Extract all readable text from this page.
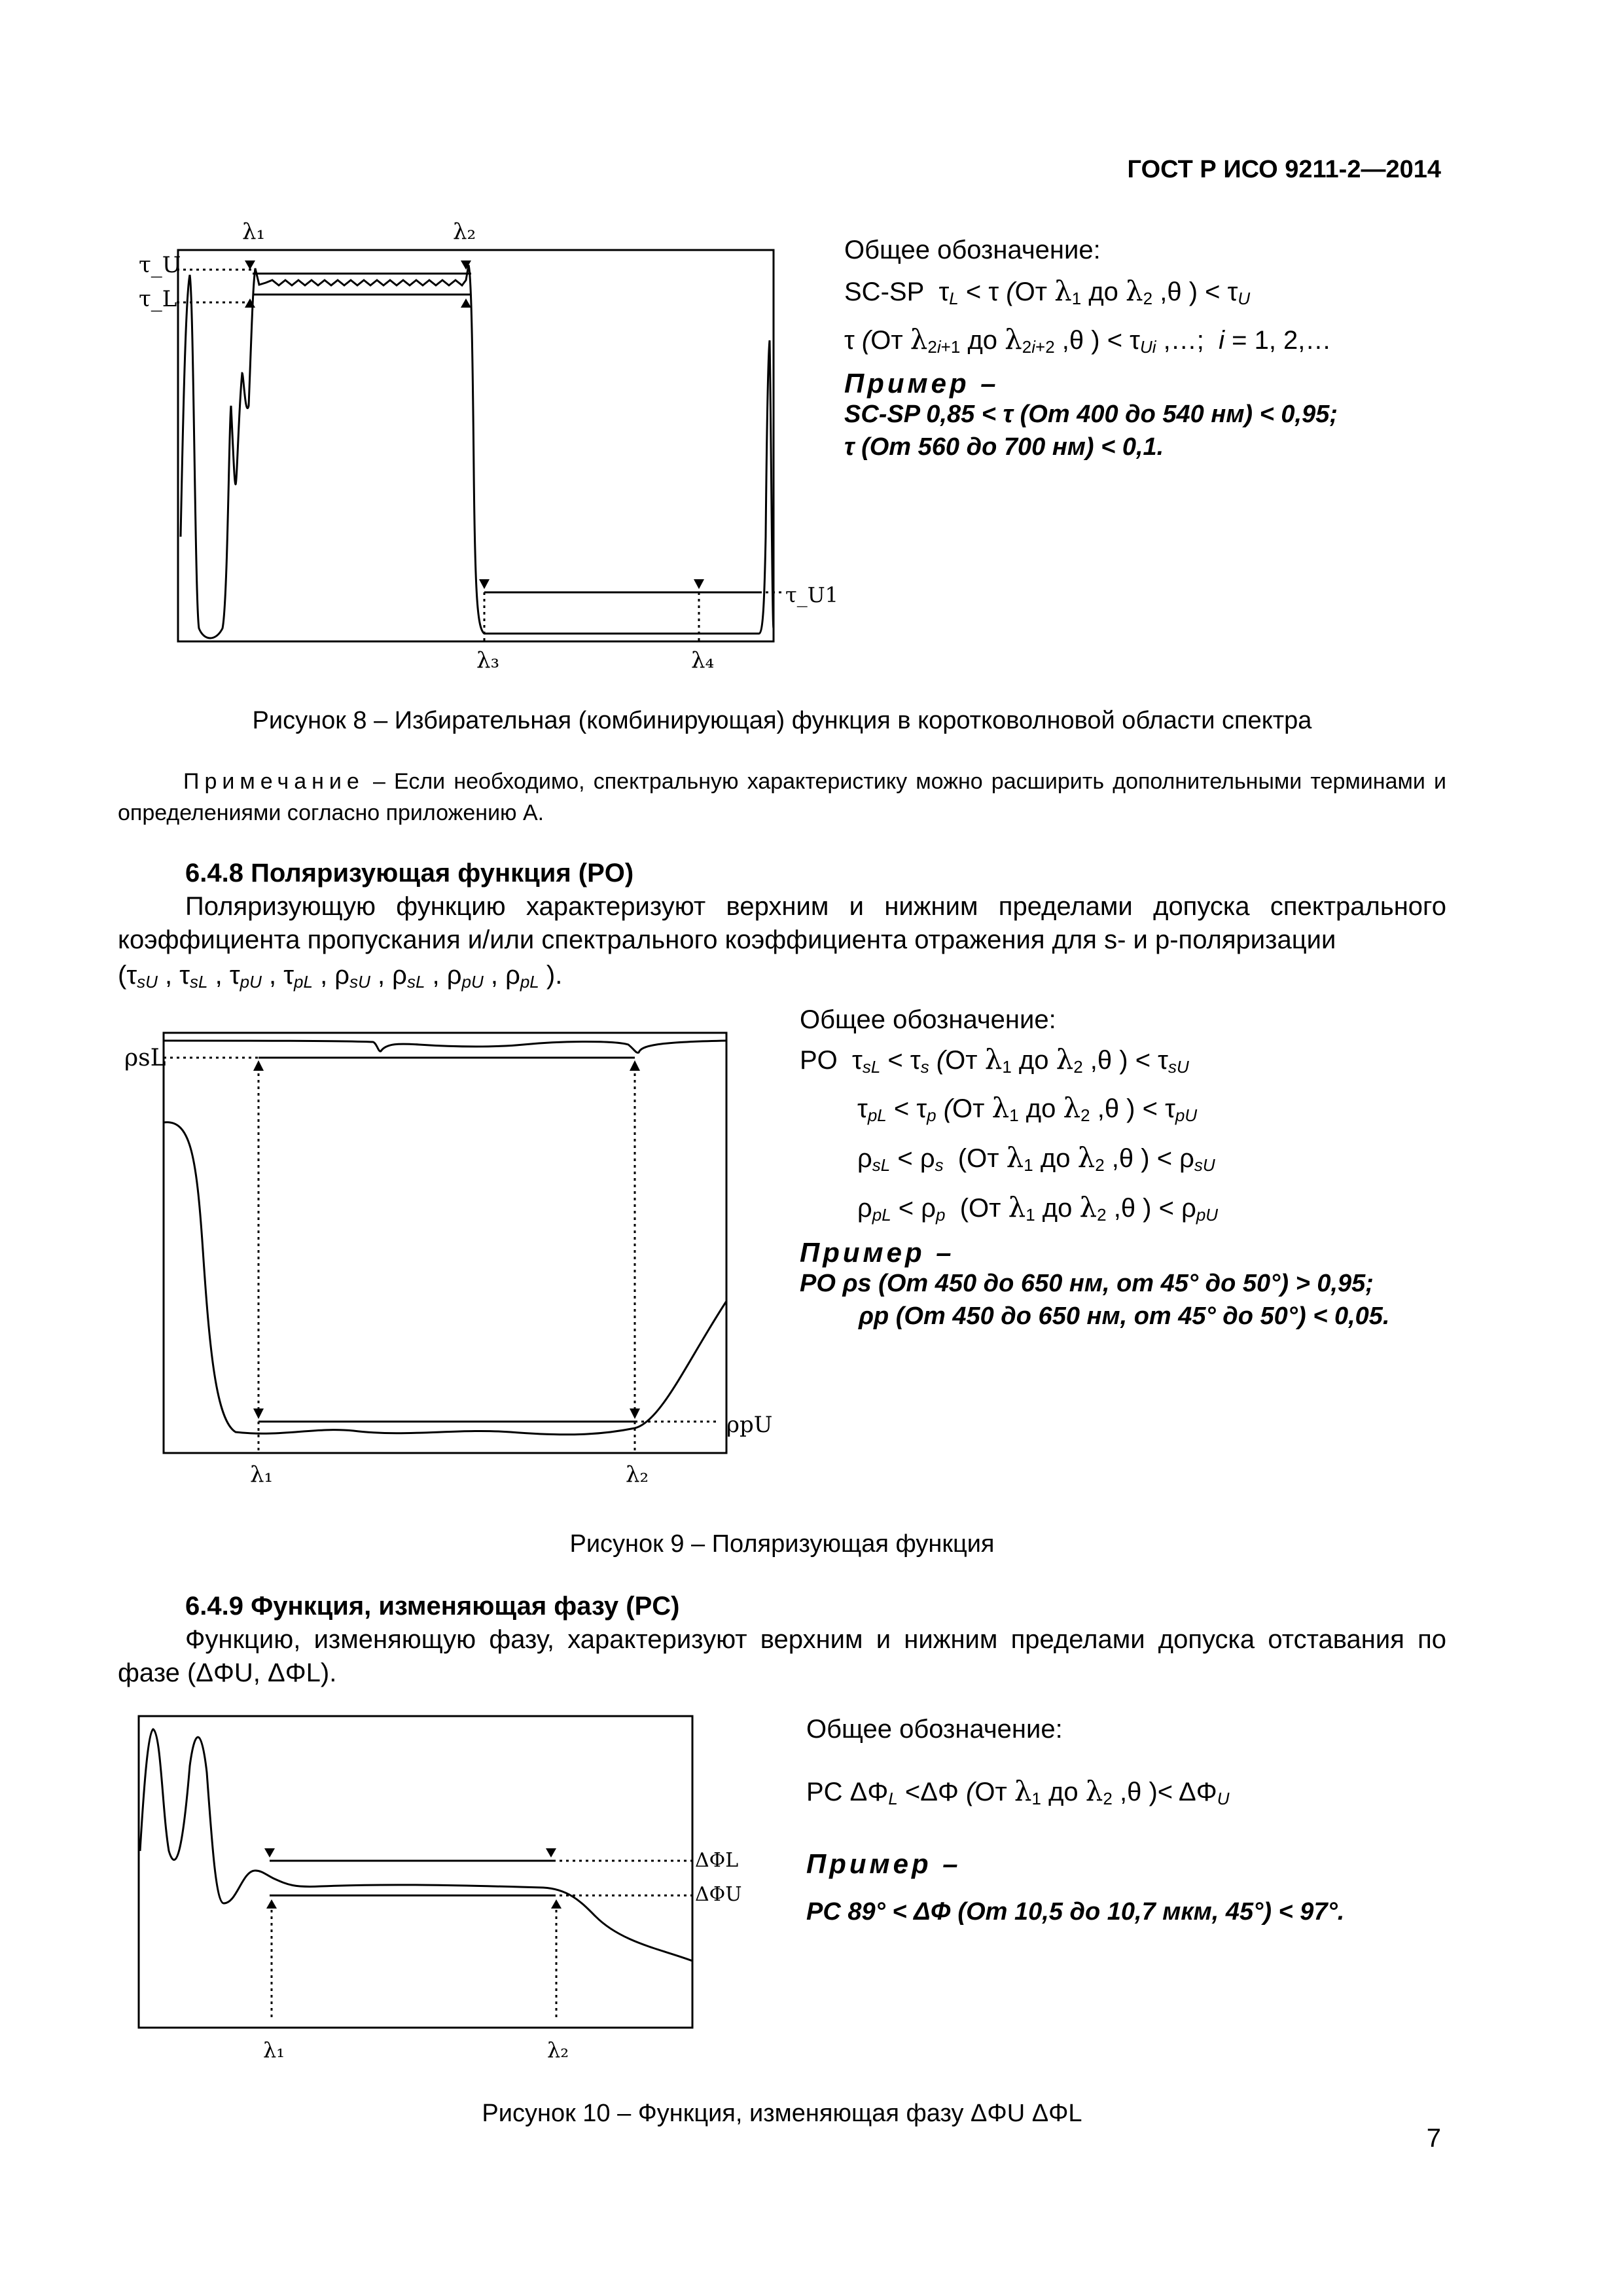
ГОСТ Р ИСО 9211-2—2014
λ₁	λ₂
τ_U
τ_L
τ_U1
λ₃	λ₄
Общее обозначение:
SC-SP  $\tau_L < \tau$ (От $\lambda_1$ до $\lambda_2$ ,θ ) < $\tau_U$
τ (От $\lambda_{2i+1}$ до $\lambda_{2i+2}$ ,θ ) < $\tau_{Ui}$ ,…;  i = 1, 2,…
Пример –
SC-SP 0,85 < τ (От 400 до 540 нм) < 0,95;
τ (От 560 до 700 нм) < 0,1.
Рисунок 8 – Избирательная (комбинирующая) функция в коротковолновой области спектра
Примечание – Если необходимо, спектральную характеристику можно расширить дополнительными терминами и определениями согласно приложению А.
6.4.8 Поляризующая функция (PO)
Поляризующую функцию характеризуют верхним и нижним пределами допуска спектрального коэффициента пропускания и/или спектрального коэффициента отражения для s- и p-поляризации
($\tau_{sU}$ , $\tau_{sL}$ , $\tau_{pU}$ , $\tau_{pL}$ , $\rho_{sU}$ , $\rho_{sL}$ , $\rho_{pU}$ , $\rho_{pL}$ ).
ρsL
ρpU
λ₁	λ₂
Общее обозначение:
PO  $\tau_{sL} < \tau_s$ (От $\lambda_1$ до $\lambda_2$ ,θ ) < $\tau_{sU}$
$\tau_{pL} < \tau_p$ (От $\lambda_1$ до $\lambda_2$ ,θ ) < $\tau_{pU}$
$\rho_{sL} < \rho_s$  (От $\lambda_1$ до $\lambda_2$ ,θ ) < $\rho_{sU}$
$\rho_{pL} < \rho_p$  (От $\lambda_1$ до $\lambda_2$ ,θ ) < $\rho_{pU}$
Пример –
PO ρs (От 450 до 650 нм, от 45° до 50°) > 0,95;
ρp (От 450 до 650 нм, от 45° до 50°) < 0,05.
Рисунок 9 – Поляризующая функция
6.4.9 Функция, изменяющая фазу (PC)
Функцию, изменяющую фазу, характеризуют верхним и нижним пределами допуска отставания по фазе (ΔΦU, ΔΦL).
ΔΦL
ΔΦU
λ₁	λ₂
Общее обозначение:
PC $\Delta\Phi_L <\Delta\Phi$ (От $\lambda_1$ до $\lambda_2$ ,θ )< $\Delta\Phi_U$
Пример –
PC 89° < ΔΦ (От 10,5 до 10,7 мкм, 45°) < 97°.
Рисунок 10 – Функция, изменяющая фазу ΔΦU ΔΦL
7
